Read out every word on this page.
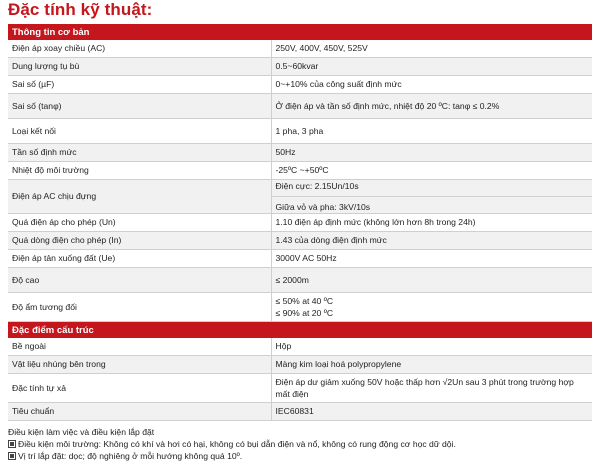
Đặc tính kỹ thuật:
Thông tin cơ bản	
Điện áp xoay chiều (AC)	250V, 400V, 450V, 525V
Dung lượng tụ bù	0.5~60kvar
Sai số (µF)	0~+10% của công suất định mức
Sai số (tanφ)	Ở điện áp và tần số định mức, nhiệt độ 20 ºC: tanφ ≤ 0.2%
Loại kết nối	1 pha, 3 pha
Tần số định mức	50Hz
Nhiệt độ môi trường	-25ºC ~+50ºC
Điện áp AC chịu đựng	Điện cực: 2.15Un/10s
Giữa vỏ và pha: 3kV/10s

Quá điện áp cho phép (Un)	1.10 điện áp định mức (không lớn hơn 8h trong 24h)
Quá dòng điện cho phép (In)	1.43 của dòng điện định mức
Điện áp tản xuống đất (Ue)	3000V AC 50Hz
Độ cao	≤ 2000m
Độ ẩm tương đối	≤ 50% at 40 ºC
≤ 90% at 20 ºC

Đặc điểm cấu trúc	
Bề ngoài	Hộp
Vật liệu nhúng bên trong	Màng kim loại hoá polypropylene
Đặc tính tự xả	Điện áp dư giảm xuống 50V hoặc thấp hơn √2Un sau 3 phút trong trường hợp
mất điện

Tiêu chuẩn	IEC60831
Điều kiện làm việc và điều kiện lắp đặt
Điều kiện môi trường: Không có khí và hơi có hại, không có bụi dẫn điện và nổ, không có rung động cơ học dữ dội.
Vị trí lắp đặt: dọc; độ nghiêng ở mỗi hướng không quá 10º.
